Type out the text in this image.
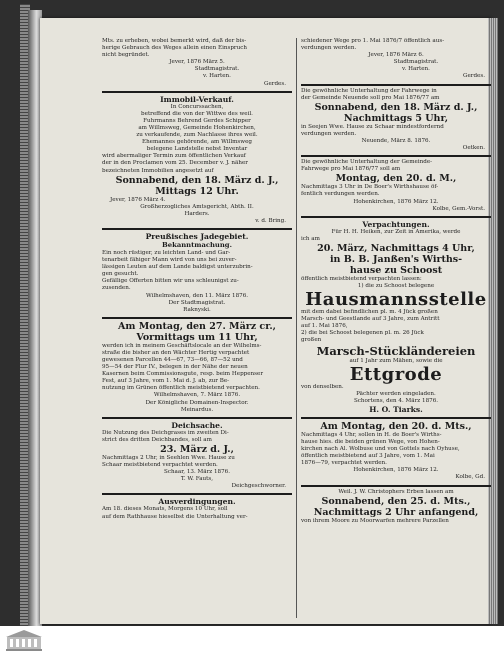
Mts. zu erheben, wobei bemerkt wird, daß der bis-

herige Gebrauch des Weges allein einen Einspruch

nicht begründet.

Jever, 1876 März 5.

Stadtmagistrat.

v. Harten.

Gerdes.

Immobil-Verkauf.

In Concurssachen,

betreffend die von der Wittwe des weil.

Fuhrmanns Behrend Gerdes Schipper

am Willmsweg, Gemeinde Hohenkirchen,

zu verkaufende, zum Nachlasse ihres weil.

Ehemannes gehörende, am Willmsweg

belegene Landstelle nebst Inventar

wird abermaliger Termin zum öffentlichen Verkauf

der in den Proclamen vom 25. December v. J. näher

bezeichneten Immobilien angesetzt auf

Sonnabend, den 18. März d. J.,

Mittags 12 Uhr.

Jever, 1876 März 4.

Großherzogliches Amtsgericht, Abth. II.

Harders.

v. d. Bring.

Preußisches Jadegebiet.

Bekanntmachung.

Ein noch rüstiger, zu leichten Land- und Gar-

tenarbeit fähiger Mann wird von uns bei zuver-

lässigen Leuten auf dem Lande baldigst unterzubrin-

gen gesucht.

Gefällige Offerten bitten wir uns schleunigst zu-

zusenden.

Wilhelmshaven, den 11. März 1876.

Der Stadtmagistrat.

Raknyski.

Am Montag, den 27. März cr.,

Vormittags um 11 Uhr,

werden ich in meinem Geschäftslocale an der Wilhelms-

straße die bisher an den Wächter Hertig verpachtet

gewesenen Parcellen 44—67, 73—66, 87—52 und

95—54 der Flur IV., belegen in der Nähe der neuen

Kasernen beim Commissionsgute, resp. beim Heppenser

Fest, auf 3 Jahre, vom 1. Mai d. J. ab, zur Be-

nutzung im Grünen öffentlich meistbietend verpachten.

Wilhelmshaven, 7. März 1876.

Der Königliche Domainen-Inspector.

Meinardus.

Deichsache.

Die Nutzung des Deichgrases im zweiten Di-

strict des dritten Deichbandes, soll am

23. März d. J.,

Nachmittags 2 Uhr, in Seehlen Wwe. Hause zu

Schaar meistbietend verpachtet werden.

Schaar, 13. März 1876.

T. W. Fauts,

Deichgeschworner.

Ausverdingungen.

Am 18. dieses Monats, Morgens 10 Uhr, soll

auf dem Rathhause hieselbst die Unterhaltung ver-

schiedener Wege pro 1. Mai 1876/7 öffentlich aus-

verdungen werden.

Jever, 1876 März 6.

Stadtmagistrat.

v. Harten.

Gerdes.

Die gewöhnliche Unterhaltung der Fahrwege in

der Gemeinde Neuende soll pro Mai 1876/77 am

Sonnabend, den 18. März d. J.,

Nachmittags 5 Uhr,

in Seejen Wwe. Hause zu Schaar mindestfordernd

verdungen werden.

Neuende, März 8. 1876.

Oetken.

Die gewöhnliche Unterhaltung der Gemeinde-

Fahrwege pro Mai 1876/77 soll am

Montag, den 20. d. M.,

Nachmittags 3 Uhr in De Boer's Wirthshause öf-

fentlich verdungen werden.

Hohenkirchen, 1876 März 12.

Kolbe, Gem.-Vorst.

Verpachtungen.

Für H. H. Heiken, zur Zeit in Amerika, werde

ich am

20. März, Nachmittags 4 Uhr,

in B. B. Janßen's Wirths-

hause zu Schoost

öffentlich meistbietend verpachten lassen:

1) die zu Schoost belegene

Hausmannsstelle

mit dem dabei befindlichen pl. m. 4 Jück großen

Marsch- und Geestlande auf 3 Jahre, zum Antritt

auf 1. Mai 1876,

2) die bei Schoost belegenen pl. m. 26 Jück

großen

Marsch-Stückländereien

auf 1 Jahr zum Mähen, sowie die

Ettgrode

von denselben.

Pächter werden eingeladen.

Schortens, den 4. März 1876.

H. O. Tiarks.

Am Montag, den 20. d. Mts.,

Nachmittags 4 Uhr, sollen in H. de Boer's Wirths-

hause hies. die beiden grünen Wege, von Hohen-

kirchen nach Al. Wolbuse und von Gottels nach Oyhuse,

öffentlich meistbietend auf 3 Jahre, vom 1. Mai

1876—79, verpachtet werden.

Hohenkirchen, 1876 März 12.

Kolbe, Gd.

Weil. J. W. Christophers Erben lassen am

Sonnabend, den 25. d. Mts.,

Nachmittags 2 Uhr anfangend,

von ihrem Moore zu Moorwarfen mehrere Parzellen
